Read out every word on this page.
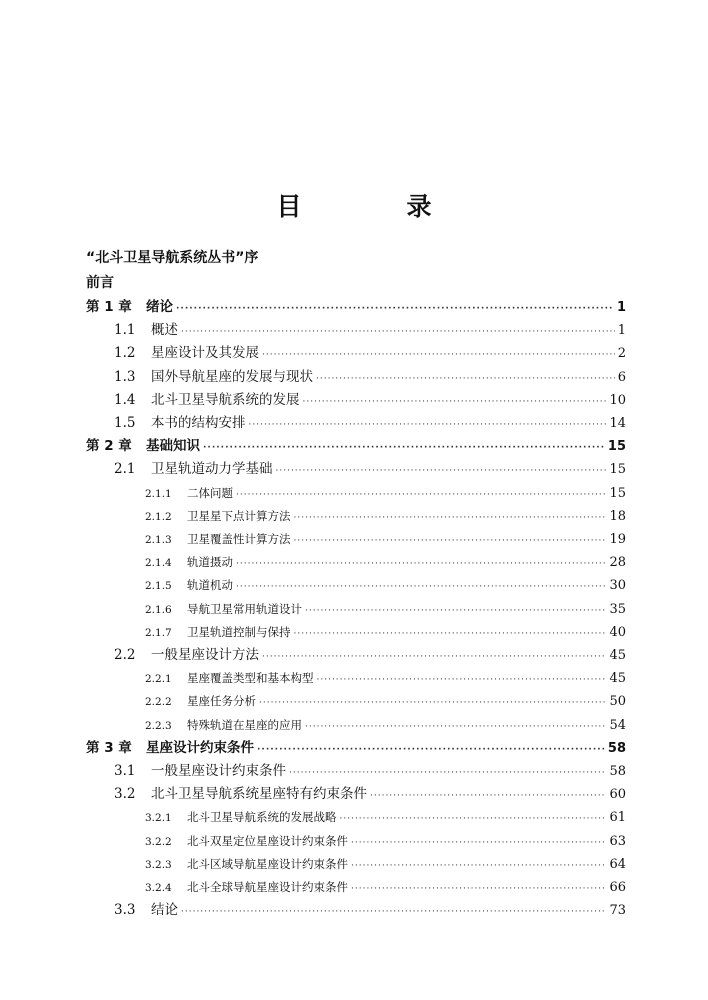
目　录
“北斗卫星导航系统丛书”序
前言
第 1 章	绪论 ·····	1
1.1	概述 ·····	1
1.2	星座设计及其发展 ·····	2
1.3	国外导航星座的发展与现状 ·····	6
1.4	北斗卫星导航系统的发展 ·····	10
1.5	本书的结构安排 ·····	14
第 2 章	基础知识 ·····	15
2.1	卫星轨道动力学基础 ·····	15
2.1.1	二体问题 ·····	15
2.1.2	卫星星下点计算方法 ·····	18
2.1.3	卫星覆盖性计算方法 ·····	19
2.1.4	轨道摄动 ·····	28
2.1.5	轨道机动 ·····	30
2.1.6	导航卫星常用轨道设计 ·····	35
2.1.7	卫星轨道控制与保持 ·····	40
2.2	一般星座设计方法 ·····	45
2.2.1	星座覆盖类型和基本构型 ·····	45
2.2.2	星座任务分析 ·····	50
2.2.3	特殊轨道在星座的应用 ·····	54
第 3 章	星座设计约束条件 ·····	58
3.1	一般星座设计约束条件 ·····	58
3.2	北斗卫星导航系统星座特有约束条件 ·····	60
3.2.1	北斗卫星导航系统的发展战略 ·····	61
3.2.2	北斗双星定位星座设计约束条件 ·····	63
3.2.3	北斗区域导航星座设计约束条件 ·····	64
3.2.4	北斗全球导航星座设计约束条件 ·····	66
3.3	结论 ·····	73
